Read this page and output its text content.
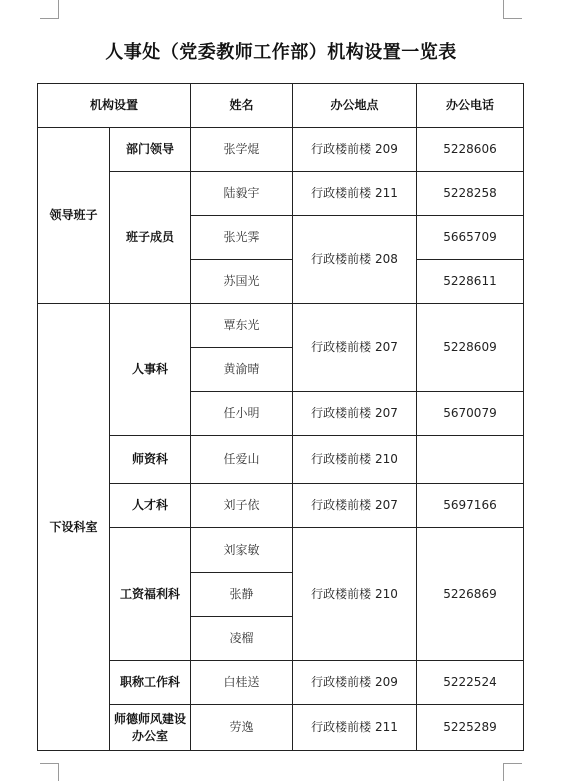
人事处（党委教师工作部）机构设置一览表
机构设置		姓名	办公地点	办公电话
领导班子	部门领导	张学焜	行政楼前楼 209	5228606
	班子成员	陆毅宇	行政楼前楼 211	5228258
		张光霁	行政楼前楼 208	5665709
		苏国光		5228611
下设科室	人事科	覃东光	行政楼前楼 207	5228609
		黄渝晴		
		任小明	行政楼前楼 207	5670079
	师资科	任爱山	行政楼前楼 210	
	人才科	刘子依	行政楼前楼 207	5697166
	工资福利科	刘家敏	行政楼前楼 210	5226869
		张静		
		凌榴		
	职称工作科	白桂送	行政楼前楼 209	5222524
	师德师风建设办公室	劳逸	行政楼前楼 211	5225289
